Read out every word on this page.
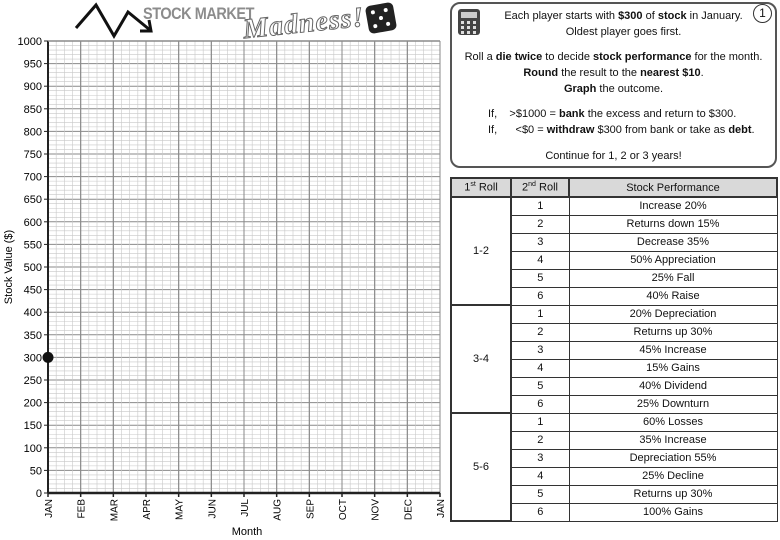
0
50
100
150
200
250
300
350
400
450
500
550
600
650
700
750
800
850
900
950
1000
JAN FEB MAR APR MAY JUN JUL AUG SEP OCT NOV DEC JAN
Stock Value ($)
Month
STOCK MARKET
Madness!	1
Each player starts with $300 of stock in January.
Oldest player goes first.
Roll a die twice to decide stock performance for the month.
Round the result to the nearest $10.
Graph the outcome.
If, >$1000 = bank the excess and return to $300.
If, <$0 = withdraw $300 from bank or take as debt.
Continue for 1, 2 or 3 years!
1st Roll	2nd Roll	Stock Performance
1-2	1	Increase 20%
	2	Returns down 15%
	3	Decrease 35%
	4	50% Appreciation
	5	25% Fall
	6	40% Raise
3-4	1	20% Depreciation
	2	Returns up 30%
	3	45% Increase
	4	15% Gains
	5	40% Dividend
	6	25% Downturn
5-6	1	60% Losses
	2	35% Increase
	3	Depreciation 55%
	4	25% Decline
	5	Returns up 30%
	6	100% Gains
